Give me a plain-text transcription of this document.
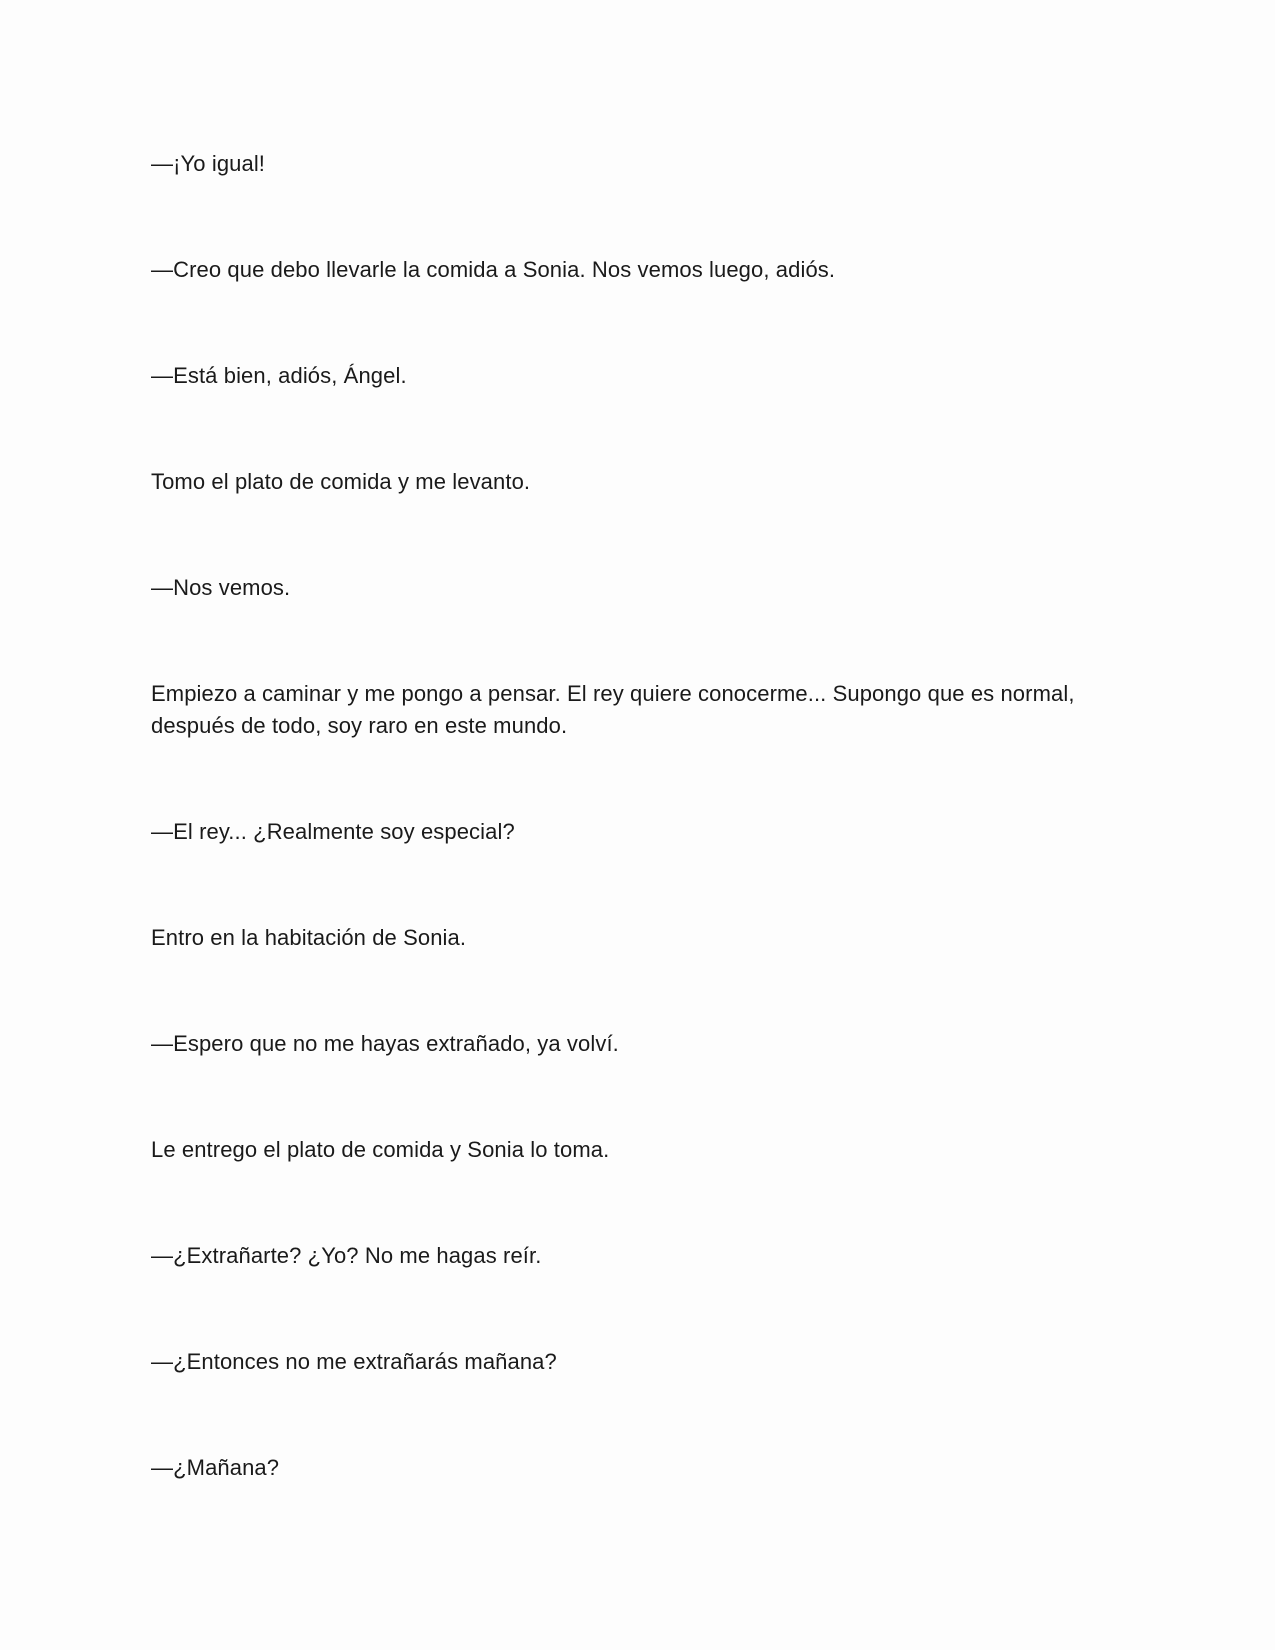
—¡Yo igual!

—Creo que debo llevarle la comida a Sonia. Nos vemos luego, adiós.

—Está bien, adiós, Ángel.

Tomo el plato de comida y me levanto.

—Nos vemos.

Empiezo a caminar y me pongo a pensar. El rey quiere conocerme... Supongo que es normal, después de todo, soy raro en este mundo.

—El rey... ¿Realmente soy especial?

Entro en la habitación de Sonia.

—Espero que no me hayas extrañado, ya volví.

Le entrego el plato de comida y Sonia lo toma.

—¿Extrañarte? ¿Yo? No me hagas reír.

—¿Entonces no me extrañarás mañana?

—¿Mañana?
